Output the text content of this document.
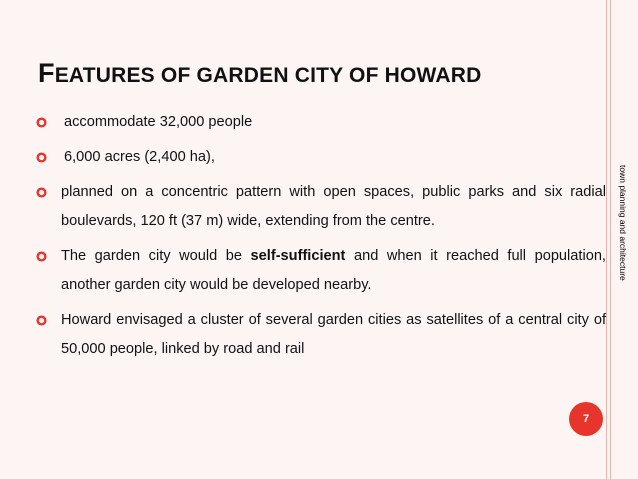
town planning and architecture
FEATURES OF GARDEN CITY OF HOWARD
accommodate 32,000 people
6,000 acres (2,400 ha),
planned on a concentric pattern with open spaces, public parks and six radial boulevards, 120 ft (37 m) wide, extending from the centre.
The garden city would be self-sufficient and when it reached full population, another garden city would be developed nearby.
Howard envisaged a cluster of several garden cities as satellites of a central city of 50,000 people, linked by road and rail
7
